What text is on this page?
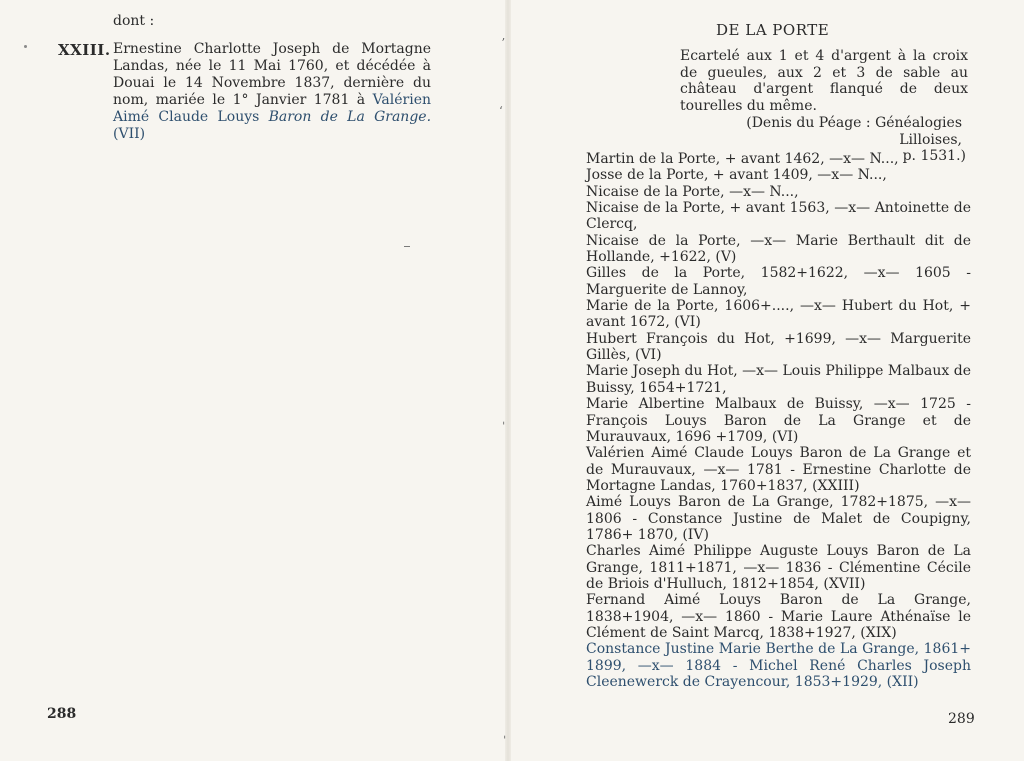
dont :
XXIII. Ernestine Charlotte Joseph de Mortagne Landas, née le 11 Mai 1760, et décédée à Douai le 14 Novembre 1837, dernière du nom, mariée le 1° Janvier 1781 à Valérien Aimé Claude Louys Baron de La Grange. (VII)
288
DE LA PORTE
Ecartelé aux 1 et 4 d'argent à la croix de gueules, aux 2 et 3 de sable au château d'argent flanqué de deux tourelles du même.
(Denis du Péage : Généalogies Lilloises,
p. 1531.)

Martin de la Porte, + avant 1462, —x— N...,

Josse de la Porte, + avant 1409, —x— N...,

Nicaise de la Porte, —x— N...,

Nicaise de la Porte, + avant 1563, —x— Antoinette de Clercq,

Nicaise de la Porte, —x— Marie Berthault dit de Hollande, +1622, (V)

Gilles de la Porte, 1582+1622, —x— 1605 - Marguerite de Lannoy,

Marie de la Porte, 1606+...., —x— Hubert du Hot, + avant 1672, (VI)

Hubert François du Hot, +1699, —x— Marguerite Gillès, (VI)

Marie Joseph du Hot, —x— Louis Philippe Malbaux de Buissy, 1654+1721,

Marie Albertine Malbaux de Buissy, —x— 1725 - François Louys Baron de La Grange et de Murauvaux, 1696 +1709, (VI)

Valérien Aimé Claude Louys Baron de La Grange et de Murauvaux, —x— 1781 - Ernestine Charlotte de Mortagne Landas, 1760+1837, (XXIII)

Aimé Louys Baron de La Grange, 1782+1875, —x— 1806 - Constance Justine de Malet de Coupigny, 1786+ 1870, (IV)

Charles Aimé Philippe Auguste Louys Baron de La Grange, 1811+1871, —x— 1836 - Clémentine Cécile de Briois d'Hulluch, 1812+1854, (XVII)

Fernand Aimé Louys Baron de La Grange, 1838+1904, —x— 1860 - Marie Laure Athénaïse le Clément de Saint Marcq, 1838+1927, (XIX)

Constance Justine Marie Berthe de La Grange, 1861+ 1899, —x— 1884 - Michel René Charles Joseph Cleenewerck de Crayencour, 1853+1929, (XII)

289
ʼ
ʻ
ˈ
ˈ
